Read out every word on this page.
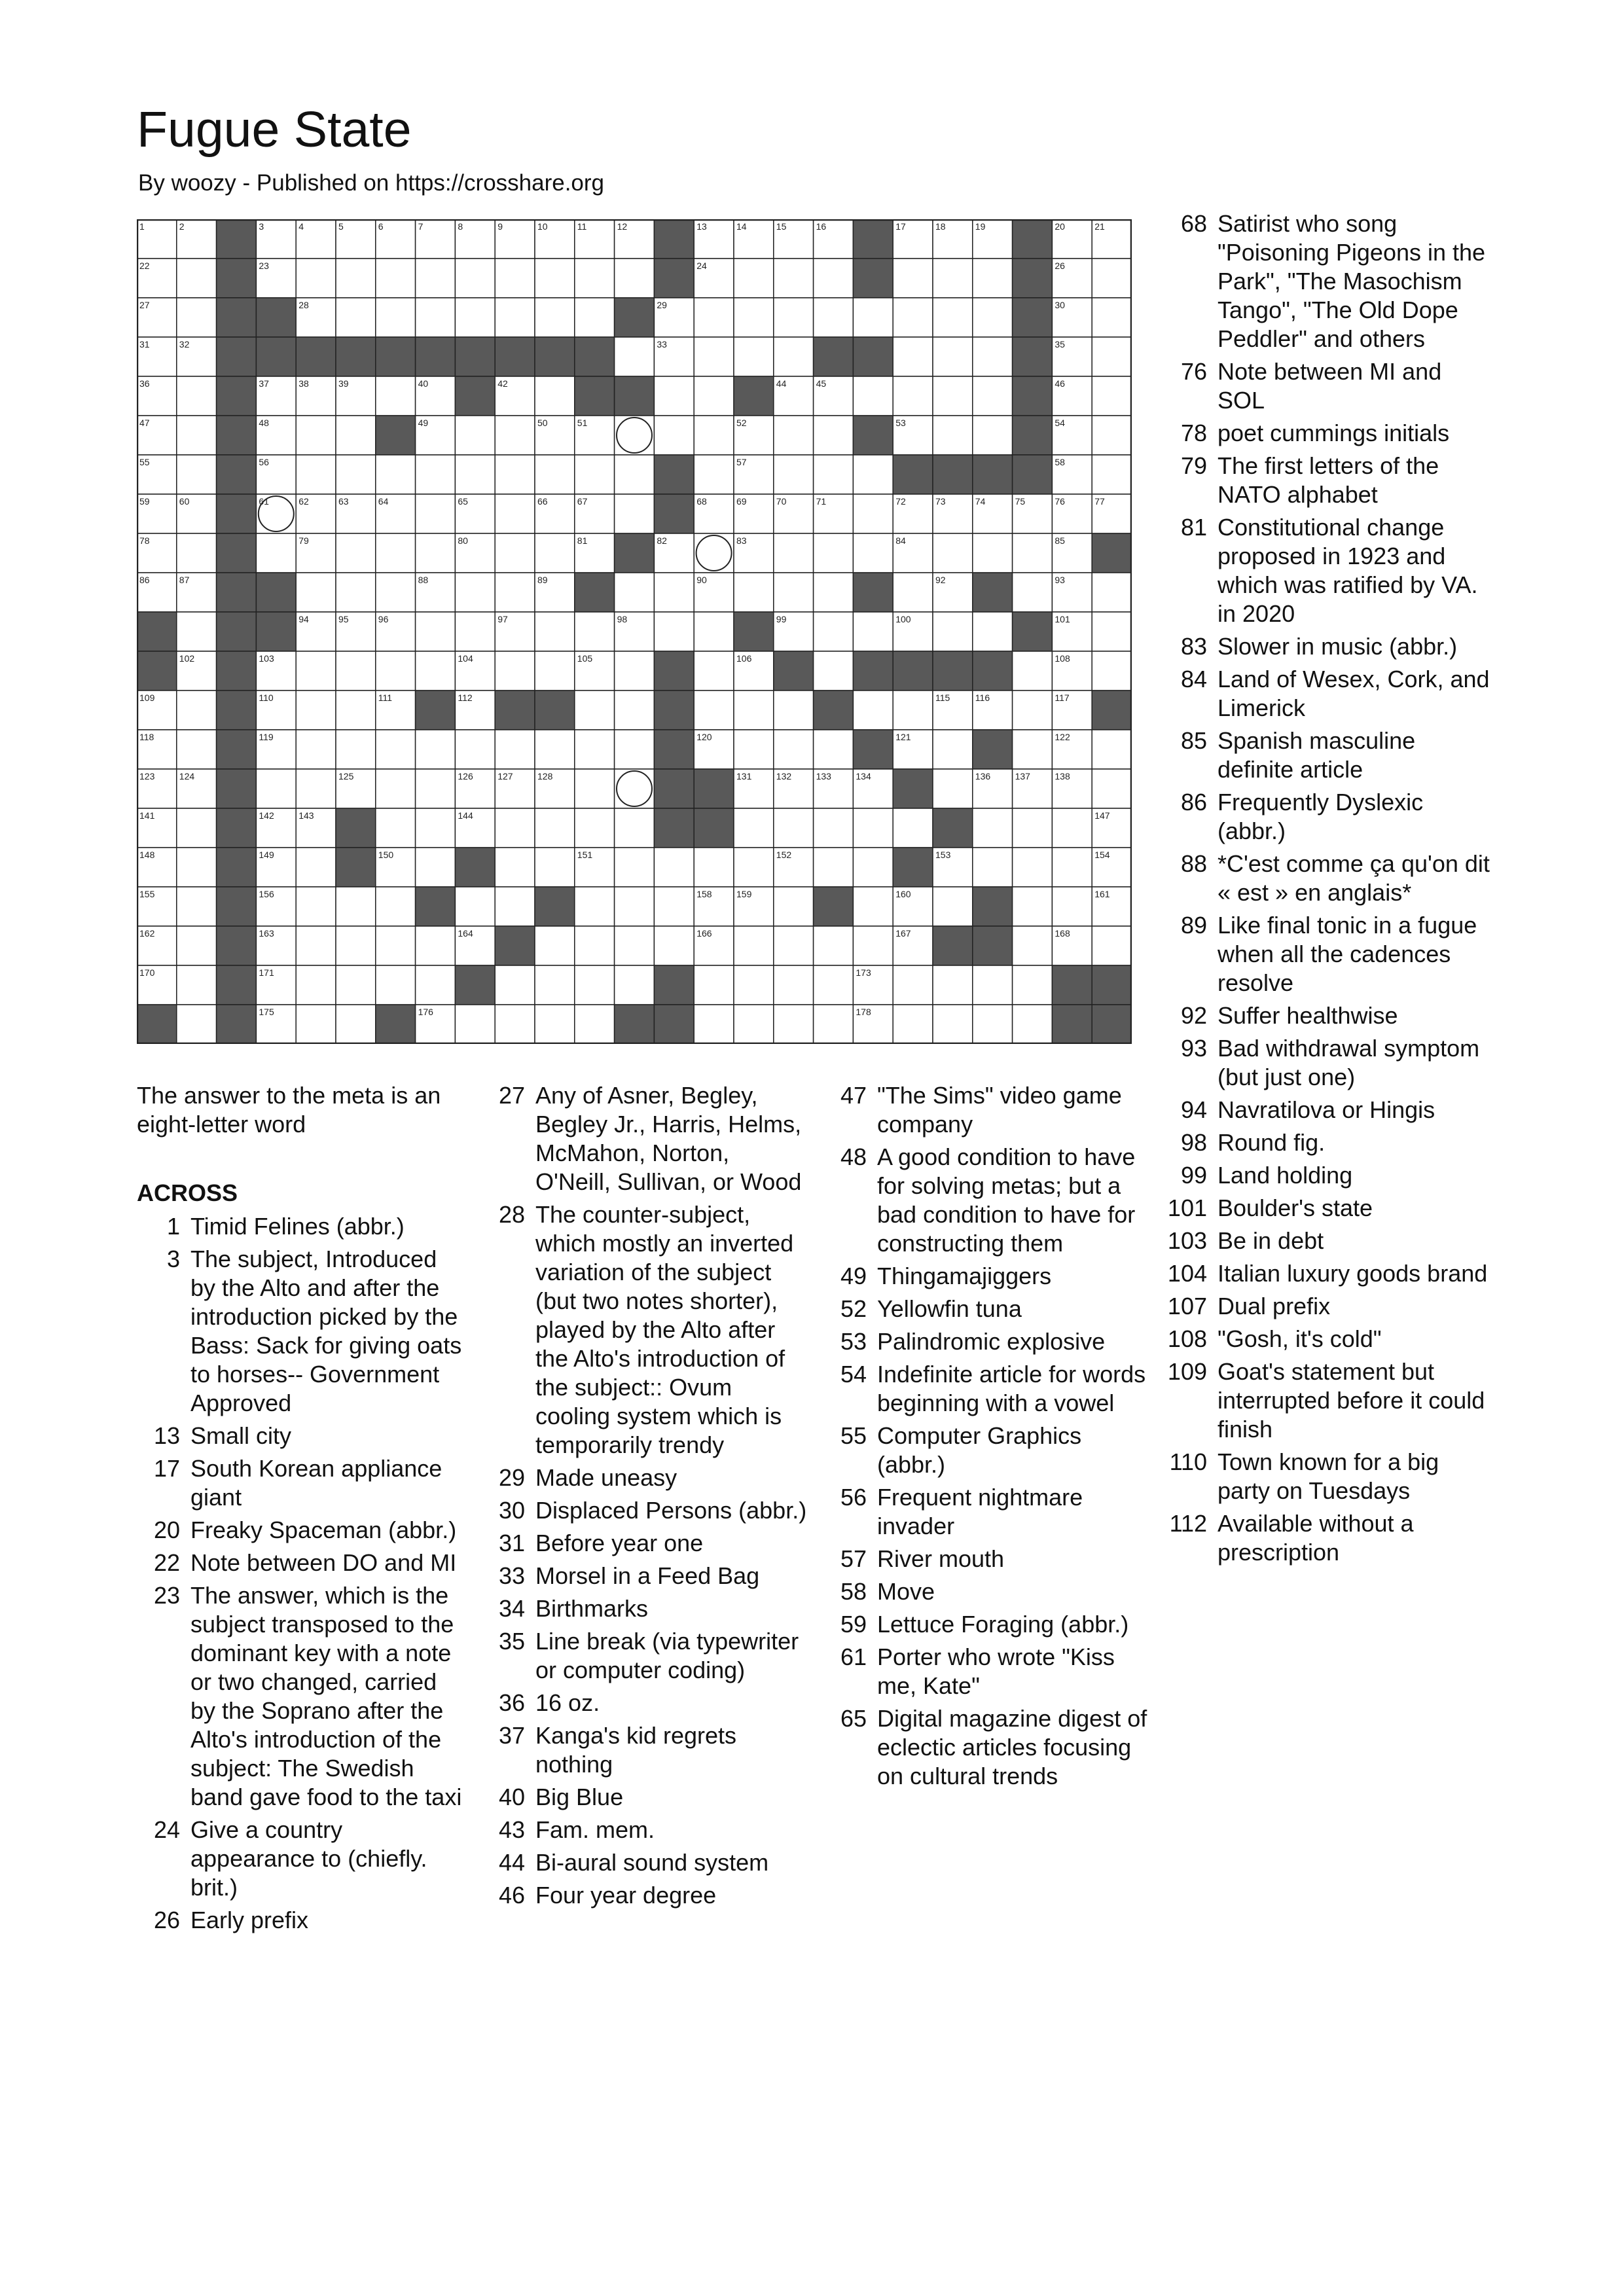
Fugue State
By woozy - Published on https://crosshare.org
1	2	3	4	5	6	7	8	9	10	11	12	13	14	15	16	17	18	19	20	21
22	23	24	26
27	28	29	30
31	32	33	35
36	37	38	39	40	42	44	45	46
47	48	49	50	51	52	53	54
55	56	57	58
59	60	61	62	63	64	65	66	67	68	69	70	71	72	73	74	75	76	77
78	79	80	81	82	83	84	85
86	87	88	89	90	92	93
94	95	96	97	98	99	100	101
102	103	104	105	106	108
109	110	111	112	115	116	117
118	119	120	121	122
123	124	125	126	127	128	131	132	133	134	136	137	138
141	142	143	144	147
148	149	150	151	152	153	154
155	156	158	159	160	161
162	163	164	166	167	168
170	171	173
175	176	178
The answer to the meta is an eight-letter word
ACROSS
1 Timid Felines (abbr.)
3 The subject, Introduced by the Alto and after the introduction picked by the Bass: Sack for giving oats to horses-- Government Approved
13 Small city
17 South Korean appliance giant
20 Freaky Spaceman (abbr.)
22 Note between DO and MI
23 The answer, which is the subject transposed to the dominant key with a note or two changed, carried by the Soprano after the Alto's introduction of the subject: The Swedish band gave food to the taxi
24 Give a country appearance to (chiefly. brit.)
26 Early prefix
27 Any of Asner, Begley, Begley Jr., Harris, Helms, McMahon, Norton, O'Neill, Sullivan, or Wood
28 The counter-subject, which mostly an inverted variation of the subject (but two notes shorter), played by the Alto after the Alto's introduction of the subject:: Ovum cooling system which is temporarily trendy
29 Made uneasy
30 Displaced Persons (abbr.)
31 Before year one
33 Morsel in a Feed Bag
34 Birthmarks
35 Line break (via typewriter or computer coding)
36 16 oz.
37 Kanga's kid regrets nothing
40 Big Blue
43 Fam. mem.
44 Bi-aural sound system
46 Four year degree
47 "The Sims" video game company
48 A good condition to have for solving metas; but a bad condition to have for constructing them
49 Thingamajiggers
52 Yellowfin tuna
53 Palindromic explosive
54 Indefinite article for words beginning with a vowel
55 Computer Graphics (abbr.)
56 Frequent nightmare invader
57 River mouth
58 Move
59 Lettuce Foraging (abbr.)
61 Porter who wrote "Kiss me, Kate"
65 Digital magazine digest of eclectic articles focusing on cultural trends
68 Satirist who song "Poisoning Pigeons in the Park", "The Masochism Tango", "The Old Dope Peddler" and others
76 Note between MI and SOL
78 poet cummings initials
79 The first letters of the NATO alphabet
81 Constitutional change proposed in 1923 and which was ratified by VA. in 2020
83 Slower in music (abbr.)
84 Land of Wesex, Cork, and Limerick
85 Spanish masculine definite article
86 Frequently Dyslexic (abbr.)
88 *C'est comme ça qu'on dit « est » en anglais*
89 Like final tonic in a fugue when all the cadences resolve
92 Suffer healthwise
93 Bad withdrawal symptom (but just one)
94 Navratilova or Hingis
98 Round fig.
99 Land holding
101 Boulder's state
103 Be in debt
104 Italian luxury goods brand
107 Dual prefix
108 "Gosh, it's cold"
109 Goat's statement but interrupted before it could finish
110 Town known for a big party on Tuesdays
112 Available without a prescription
